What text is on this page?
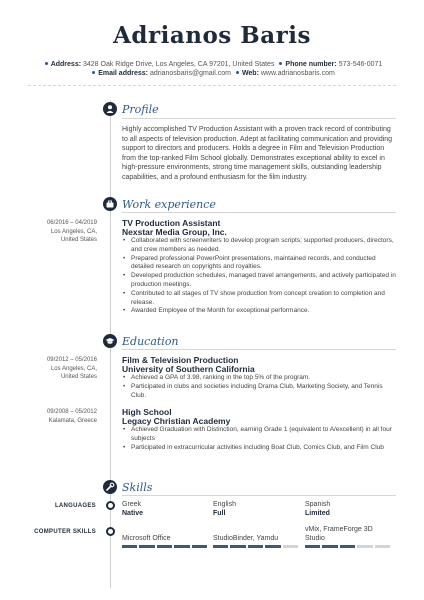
Adrianos Baris
Address: 3428 Oak Ridge Drive, Los Angeles, CA 97201, United States Phone number: 573-546-0071
Email address: adrianosbaris@gmail.com Web: www.adrianosbaris.com
Profile
Highly accomplished TV Production Assistant with a proven track record of contributing to all aspects of television production. Adept at facilitating communication and providing support to directors and producers. Holds a degree in Film and Television Production from the top-ranked Film School globally. Demonstrates exceptional ability to excel in high-pressure environments, strong time management skills, outstanding leadership capabilities, and a profound enthusiasm for the film industry.
Work experience
06/2016 – 04/2019
Los Angeles, CA,
United States
TV Production Assistant
Nexstar Media Group, Inc.
• Collaborated with screenwriters to develop program scripts; supported producers, directors, and crew members as needed.
• Prepared professional PowerPoint presentations, maintained records, and conducted detailed research on copyrights and royalties.
• Developed production schedules, managed travel arrangements, and actively participated in production meetings.
• Contributed to all stages of TV show production from concept creation to completion and release.
• Awarded Employee of the Month for exceptional performance.
Education
09/2012 – 05/2016
Los Angeles, CA,
United States
Film & Television Production
University of Southern California
• Achieved a GPA of 3.98, ranking in the top 5% of the program.
• Participated in clubs and societies including Drama Club, Marketing Society, and Tennis Club.
09/2008 – 05/2012
Kalamata, Greece
High School
Legacy Christian Academy
• Achieved Graduation with Distinction, earning Grade 1 (equivalent to A/excellent) in all four subjects
• Participated in extracurricular activities including Boat Club, Comics Club, and Film Club
Skills
LANGUAGES	Greek
Native
English
Full
Spanish
Limited
COMPUTER SKILLS
Microsoft Office	StudioBinder, Yamdu
vMix, FrameForge 3D
Studio
